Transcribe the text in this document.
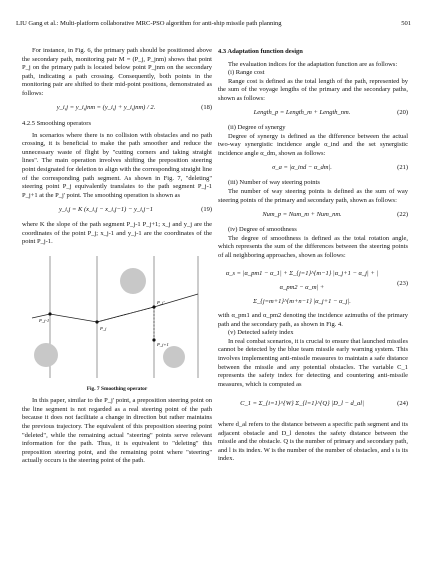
LIU Gang et al.: Multi-platform collaborative MRC-PSO algorithm for anti-ship missile path planning	501

For instance, in Fig. 6, the primary path should be positioned above the secondary path, monitoring pair M = (P_j, P_jnm) shows that point P_j on the primary path is located below point P_jnm on the secondary path, indicating a path crossing. Consequently, both points in the monitoring pair are shifted to their mid-point positions, demonstrated as follows:

y_i,j = y_i,jnm = (y_i,j + y_i,jnm) / 2.	(18)

4.2.5 Smoothing operators

In scenarios where there is no collision with obstacles and no path crossing, it is beneficial to make the path smoother and reduce the unnecessary waste of flight by "cutting corners and taking straight lines". The main operation involves shifting the preposition steering point designated for deletion to align with the corresponding straight line of the corresponding path segment. As shown in Fig. 7, "deleting" steering point P_j equivalently translates to the path segment P_j-1 P_j+1 at the P_j' point. The smoothing operation is shown as

y_i,j = K (x_i,j − x_i,j−1) − y_i,j−1	(19)

where K the slope of the path segment P_j-1 P_j+1; x_j and y_j are the coordinates of the point P_j; x_j-1 and y_j-1 are the coordinates of the point P_j-1.

P_j-1
P_j
P_j'
P_j+1
Fig. 7 Smoothing operator

In this paper, similar to the P_j' point, a preposition steering point on the line segment is not regarded as a real steering point of the path because it does not facilitate a change in direction but rather maintains the previous trajectory. The equivalent of this preposition steering point "deleted", while the remaining actual "steering" points serve relevant information for the path. Thus, it is equivalent to "deleting" this preposition steering point, and the remaining point where "steering" actually occurs is the steering point of the path.

4.3 Adaptation function design

The evaluation indices for the adaptation function are as follows:

(i) Range cost

Range cost is defined as the total length of the path, represented by the sum of the voyage lengths of the primary and the secondary paths, shown as follows:

Length_p = Length_m + Length_nm.	(20)

(ii) Degree of synergy

Degree of synergy is defined as the difference between the actual two-way synergistic incidence angle α_ind and the set synergistic incidence angle α_dm, shown as follows:

σ_a = |α_ind − α_dm|.	(21)

(iii) Number of way steering points

The number of way steering points is defined as the sum of way steering points of the primary and secondary path, shown as follows:

Num_p = Num_m + Num_nm.	(22)

(iv) Degree of smoothness

The degree of smoothness is defined as the total rotation angle, which represents the sum of the differences between the steering points of all neighboring approaches, shown as follows:

α_s = |α_pm1 − α_1| + Σ_{j=1}^{m−1} |α_j+1 − α_j| + |α_pm2 − α_m| +
Σ_{j=m+1}^{m+n−1} |α_j+1 − α_j|.
(23)

with α_pm1 and α_pm2 denoting the incidence azimuths of the primary path and the secondary path, as shown in Fig. 4.

(v) Detected safety index

In real combat scenarios, it is crucial to ensure that launched missiles cannot be detected by the blue team missile early warning system. This involves implementing anti-missile measures to maintain a safe distance between the missile and any potential obstacles. The variable C_1 represents the safety index for detecting and countering anti-missile measures, which is computed as

C_1 = Σ_{i=1}^{W} Σ_{l=1}^{Q} |D_l − d_al|	(24)

where d_al refers to the distance between a specific path segment and its adjacent obstacle and D_l denotes the safety distance between the missile and the obstacle. Q is the number of primary and secondary path, and l is its index. W is the number of the number of obstacles, and s is its index.
